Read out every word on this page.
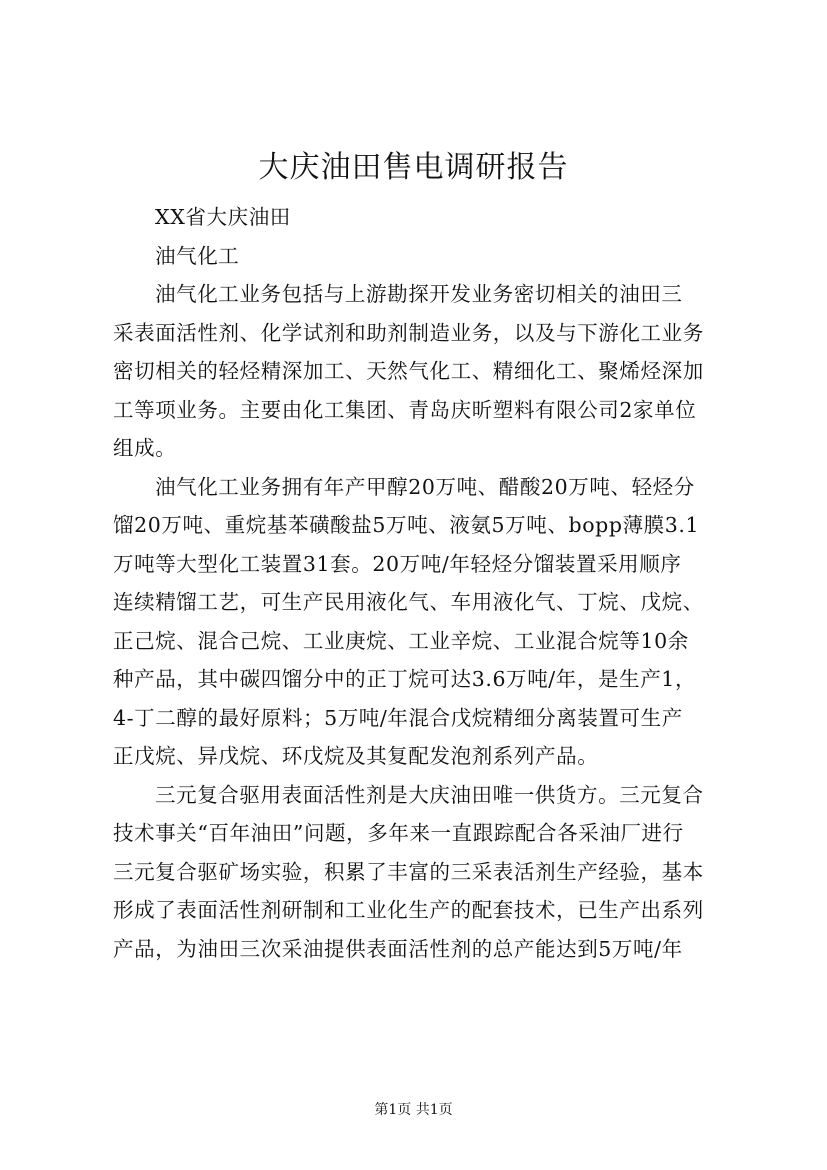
大庆油田售电调研报告
XX省大庆油田
油气化工
油气化工业务包括与上游勘探开发业务密切相关的油田三
采表面活性剂、化学试剂和助剂制造业务，以及与下游化工业务
密切相关的轻烃精深加工、天然气化工、精细化工、聚烯烃深加
工等项业务。主要由化工集团、青岛庆昕塑料有限公司2家单位
组成。
油气化工业务拥有年产甲醇20万吨、醋酸20万吨、轻烃分
馏20万吨、重烷基苯磺酸盐5万吨、液氨5万吨、bopp薄膜3.1
万吨等大型化工装置31套。20万吨/年轻烃分馏装置采用顺序
连续精馏工艺，可生产民用液化气、车用液化气、丁烷、戊烷、
正己烷、混合己烷、工业庚烷、工业辛烷、工业混合烷等10余
种产品，其中碳四馏分中的正丁烷可达3.6万吨/年，是生产1，
4-丁二醇的最好原料；5万吨/年混合戊烷精细分离装置可生产
正戊烷、异戊烷、环戊烷及其复配发泡剂系列产品。
三元复合驱用表面活性剂是大庆油田唯一供货方。三元复合
技术事关“百年油田”问题，多年来一直跟踪配合各采油厂进行
三元复合驱矿场实验，积累了丰富的三采表活剂生产经验，基本
形成了表面活性剂研制和工业化生产的配套技术，已生产出系列
产品，为油田三次采油提供表面活性剂的总产能达到5万吨/年
第1页 共1页
